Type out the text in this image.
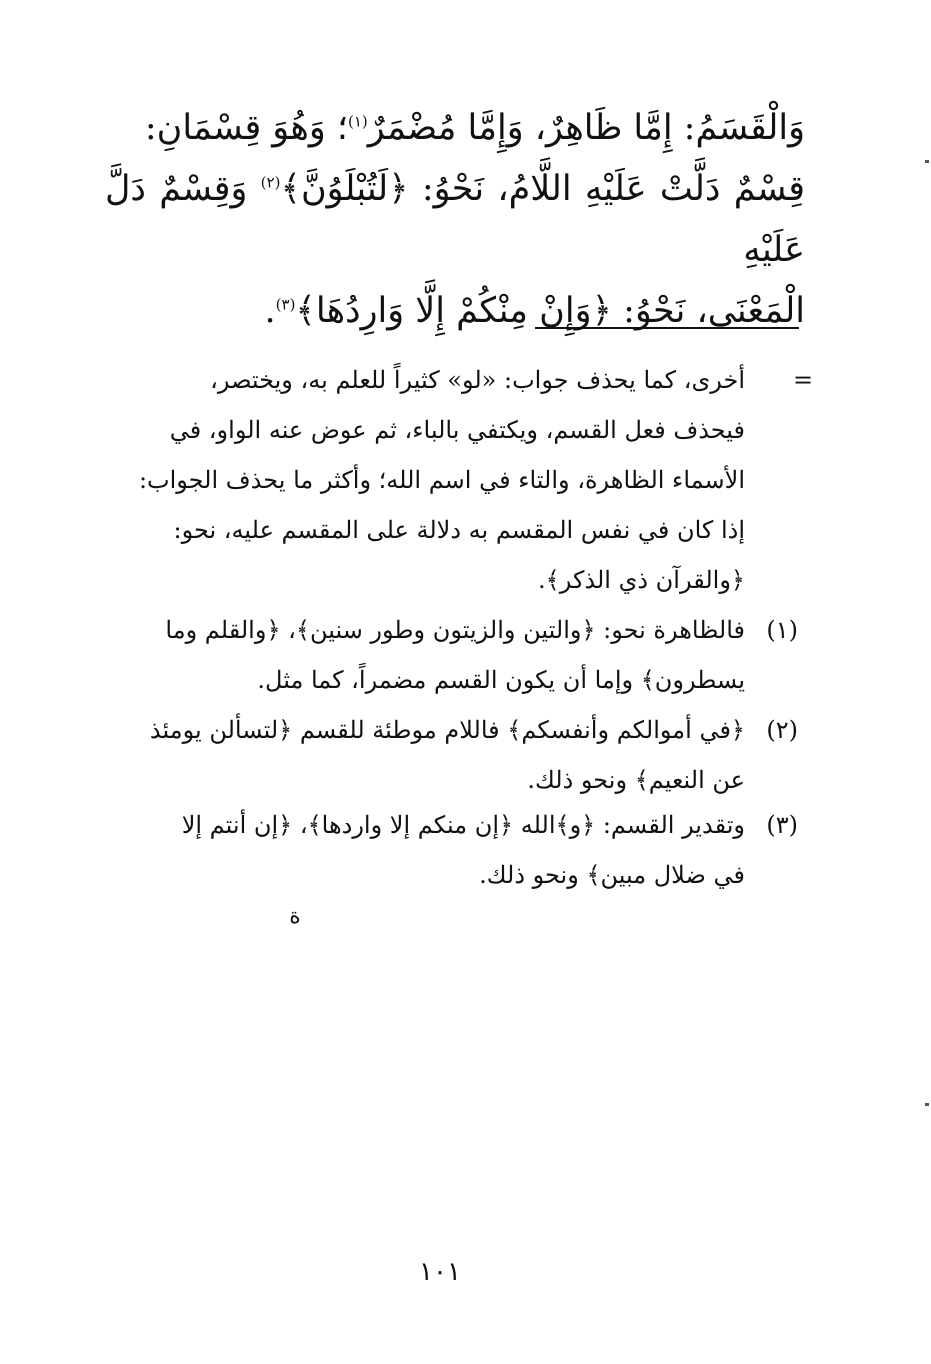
وَالْقَسَمُ: إِمَّا ظَاهِرٌ، وَإِمَّا مُضْمَرٌ$^{(١)}$؛ وَهُوَ قِسْمَانِ:

قِسْمٌ دَلَّتْ عَلَيْهِ اللَّامُ، نَحْوُ: ﴿لَتُبْلَوُنَّ﴾$^{(٢)}$ وَقِسْمٌ دَلَّ عَلَيْهِ

الْمَعْنَى، نَحْوُ: ﴿وَإِنْ مِنْكُمْ إِلَّا وَارِدُهَا﴾$^{(٣)}$.

=

أخرى، كما يحذف جواب: «لو» كثيراً للعلم به، ويختصر،

فيحذف فعل القسم، ويكتفي بالباء، ثم عوض عنه الواو، في

الأسماء الظاهرة، والتاء في اسم الله؛ وأكثر ما يحذف الجواب:

إذا كان في نفس المقسم به دلالة على المقسم عليه، نحو:

﴿والقرآن ذي الذكر﴾.

(١)

فالظاهرة نحو: ﴿والتين والزيتون وطور سنين﴾، ﴿والقلم وما

يسطرون﴾ وإما أن يكون القسم مضمراً، كما مثل.

(٢)

﴿في أموالكم وأنفسكم﴾ فاللام موطئة للقسم ﴿لتسألن يومئذ

عن النعيم﴾ ونحو ذلك.

(٣)

وتقدير القسم: ﴿و﴾الله ﴿إن منكم إلا واردها﴾، ﴿إن أنتم إلا

في ضلال مبين﴾ ونحو ذلك.

ة
١٠١
